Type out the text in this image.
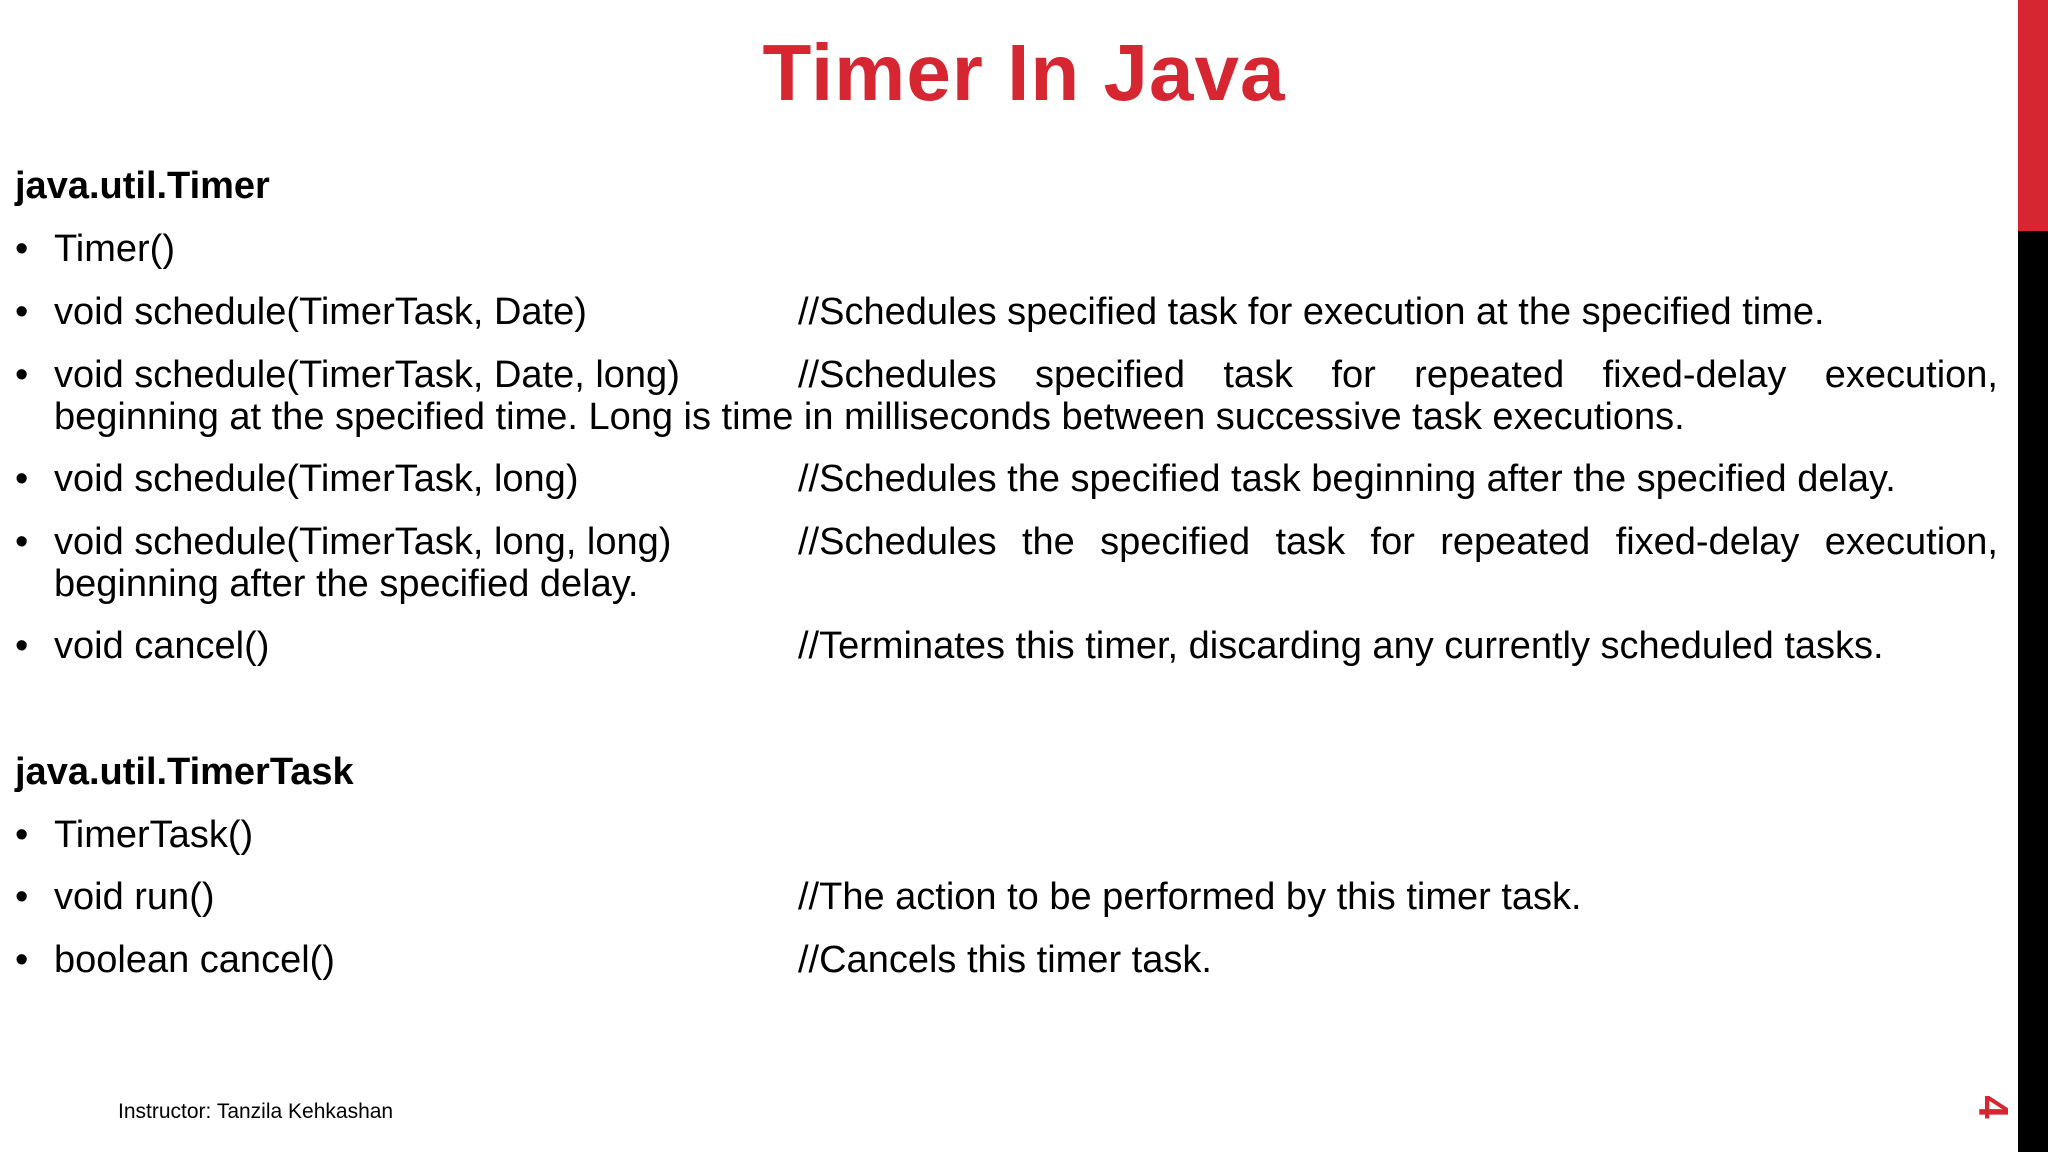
Timer In Java
java.util.Timer
• Timer()
• void schedule(TimerTask, Date)	//Schedules specified task for execution at the specified time.
• void schedule(TimerTask, Date, long)	//Schedules specified task for repeated fixed-delay execution,
beginning at the specified time. Long is time in milliseconds between successive task executions.
• void schedule(TimerTask, long)	//Schedules the specified task beginning after the specified delay.
• void schedule(TimerTask, long, long)	//Schedules the specified task for repeated fixed-delay execution,
beginning after the specified delay.
• void cancel()	//Terminates this timer, discarding any currently scheduled tasks.
java.util.TimerTask
• TimerTask()
• void run()	//The action to be performed by this timer task.
• boolean cancel()	//Cancels this timer task.
Instructor: Tanzila Kehkashan	4
